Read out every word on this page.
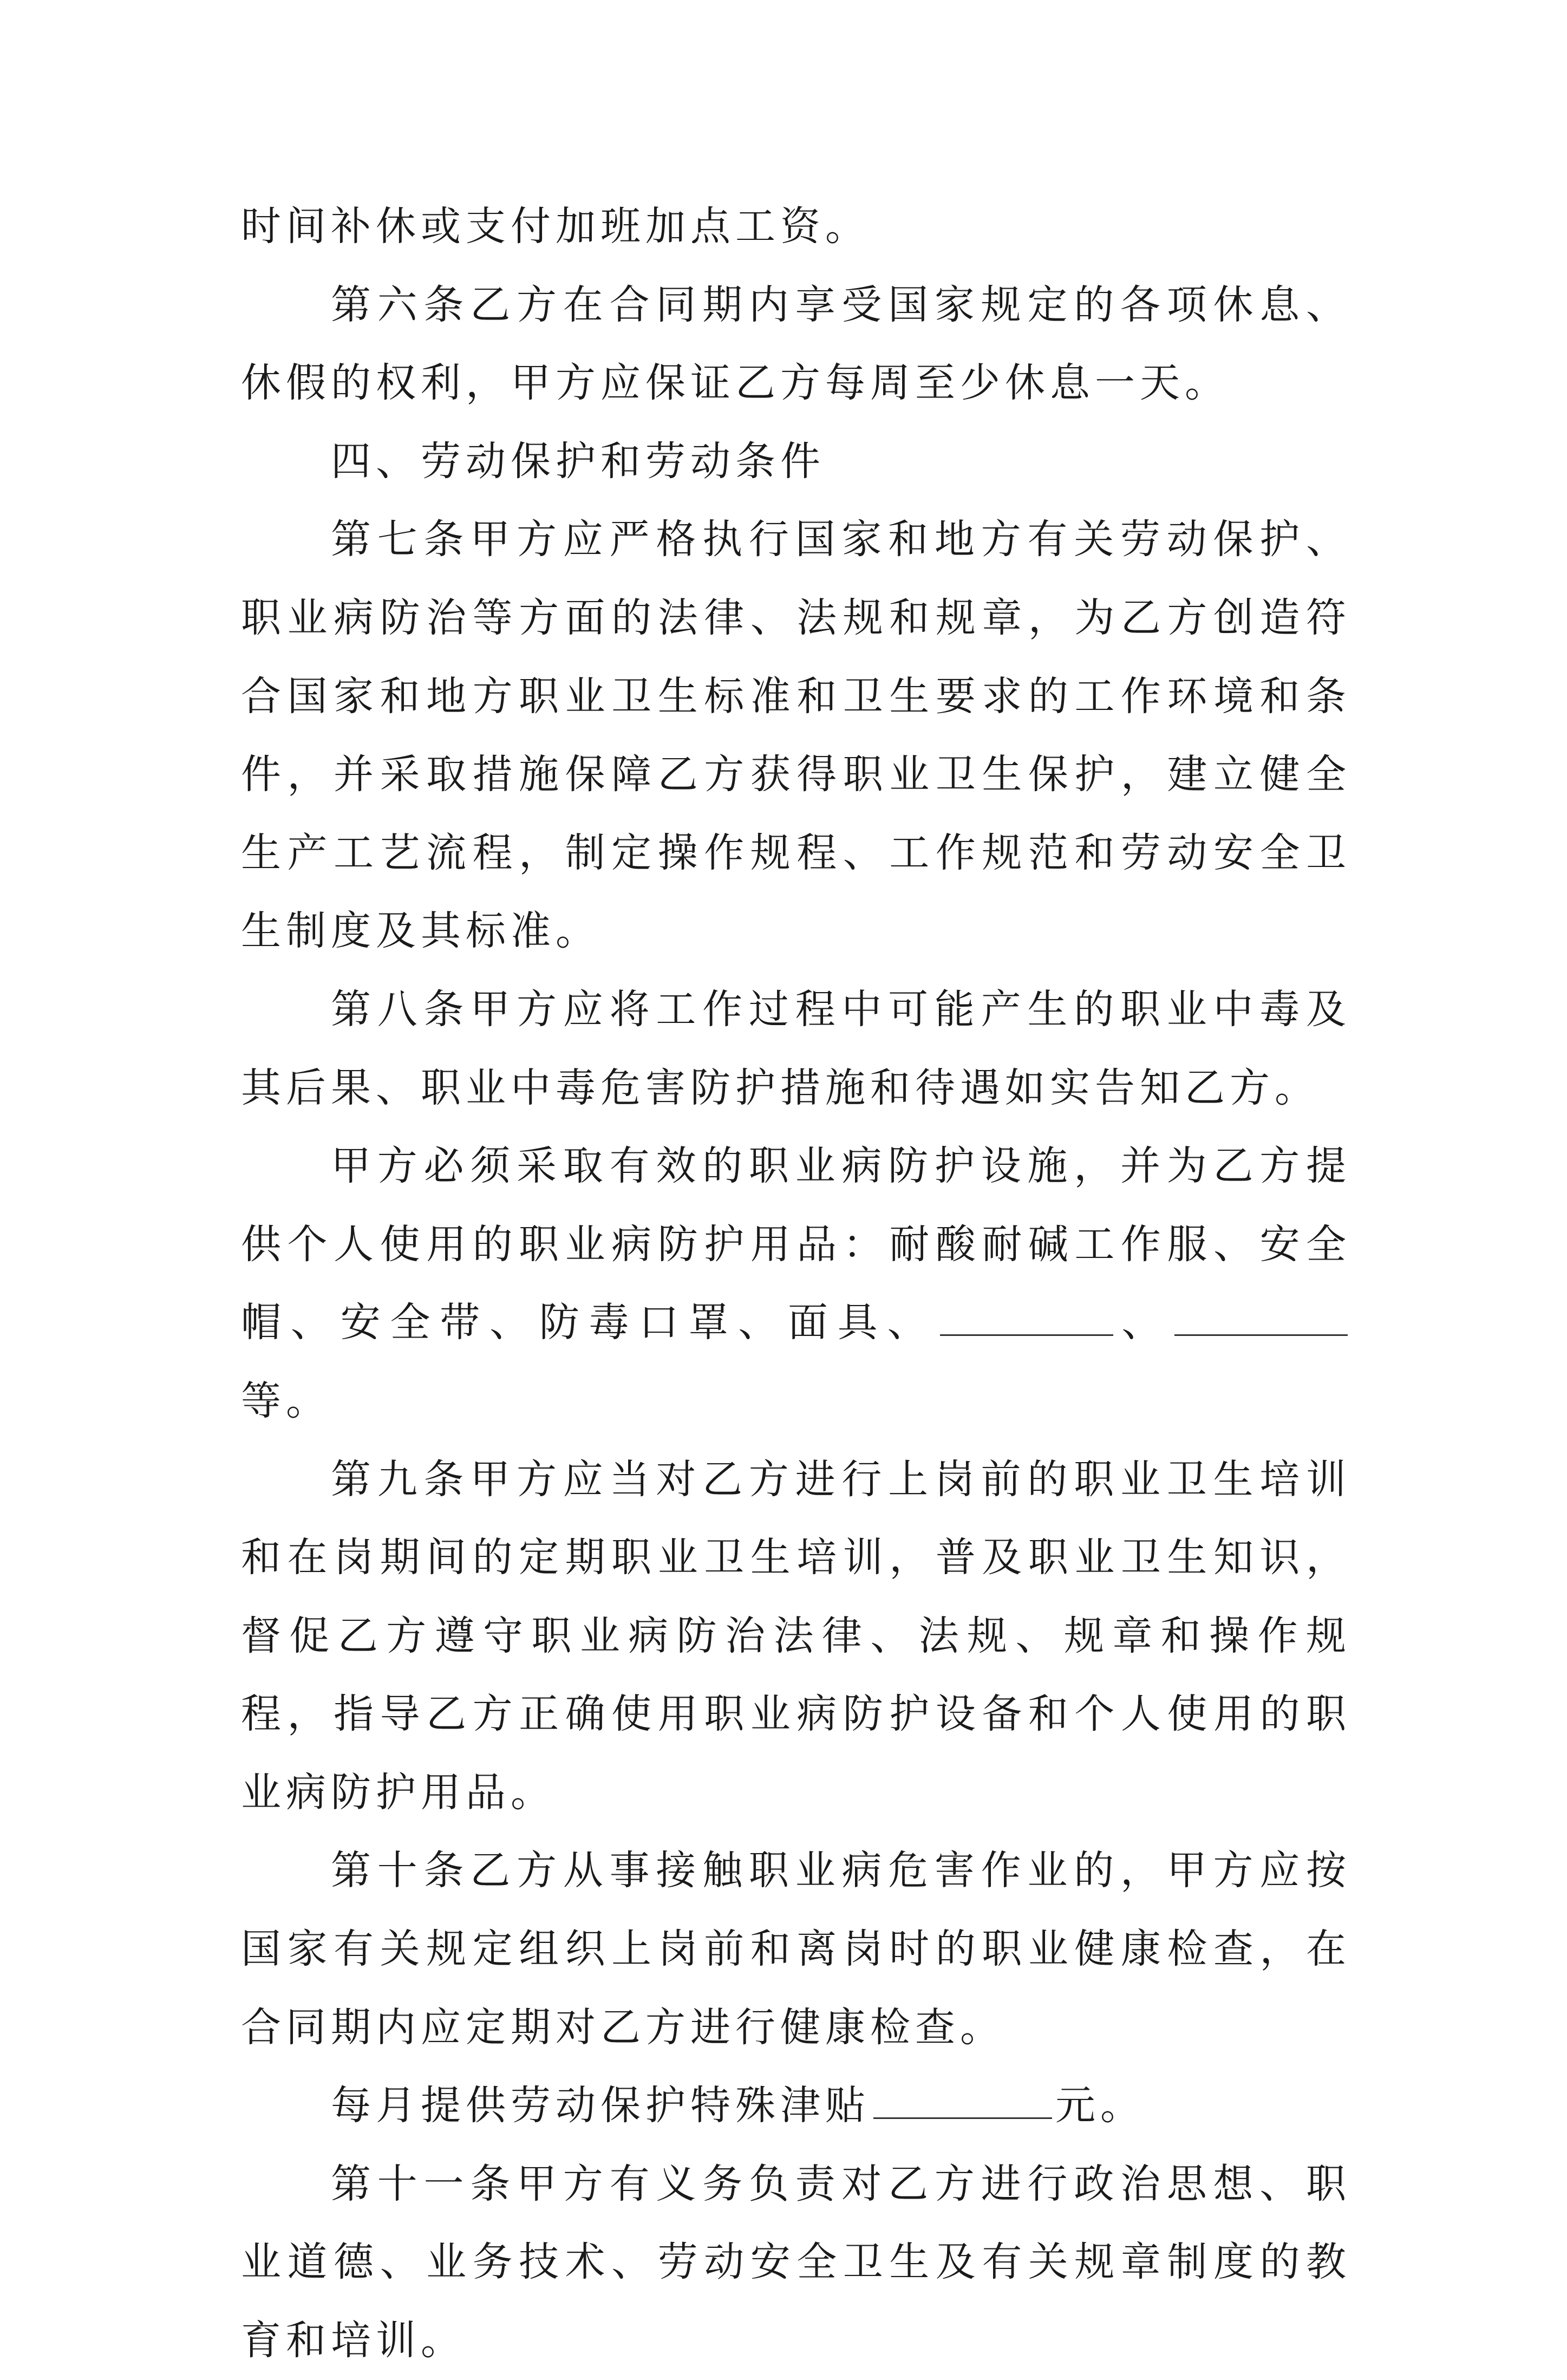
时间补休或支付加班加点工资。

第六条乙方在合同期内享受国家规定的各项休息、休假的权利，甲方应保证乙方每周至少休息一天。

四、劳动保护和劳动条件

第七条甲方应严格执行国家和地方有关劳动保护、职业病防治等方面的法律、法规和规章，为乙方创造符合国家和地方职业卫生标准和卫生要求的工作环境和条件，并采取措施保障乙方获得职业卫生保护，建立健全生产工艺流程，制定操作规程、工作规范和劳动安全卫生制度及其标准。

第八条甲方应将工作过程中可能产生的职业中毒及其后果、职业中毒危害防护措施和待遇如实告知乙方。

甲方必须采取有效的职业病防护设施，并为乙方提供个人使用的职业病防护用品：耐酸耐碱工作服、安全帽、安全带、防毒口罩、面具、	、等。

第九条甲方应当对乙方进行上岗前的职业卫生培训和在岗期间的定期职业卫生培训，普及职业卫生知识，督促乙方遵守职业病防治法律、法规、规章和操作规程，指导乙方正确使用职业病防护设备和个人使用的职业病防护用品。

第十条乙方从事接触职业病危害作业的，甲方应按国家有关规定组织上岗前和离岗时的职业健康检查，在合同期内应定期对乙方进行健康检查。

每月提供劳动保护特殊津贴	元。

第十一条甲方有义务负责对乙方进行政治思想、职业道德、业务技术、劳动安全卫生及有关规章制度的教育和培训。
